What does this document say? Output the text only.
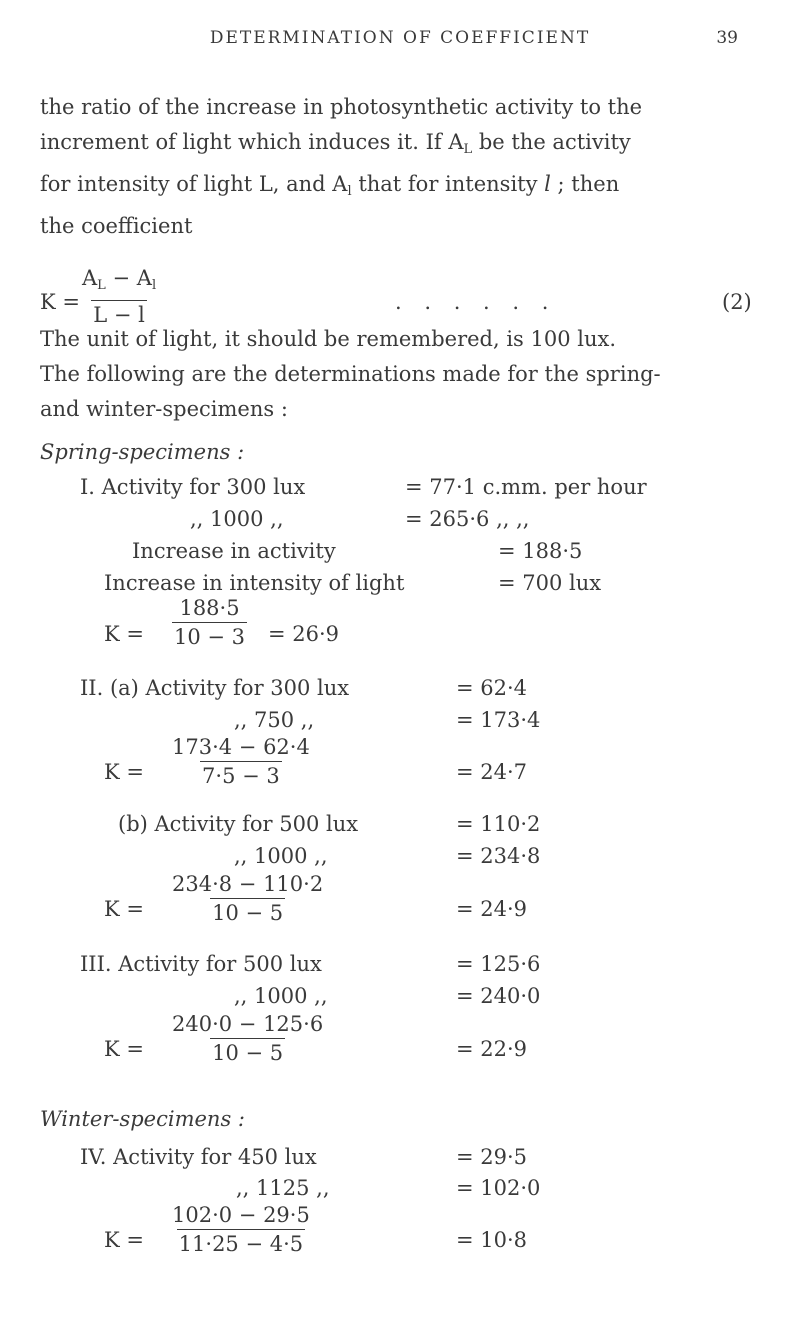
DETERMINATION OF COEFFICIENT	39
the ratio of the increase in photosynthetic activity to the
increment of light which induces it. If $A_L$ be the activity
for intensity of light L, and $A_l$ that for intensity l ; then
the coefficient
$K = \frac{A_L - A_l}{L - l}$	. . . . . .	(2)
The unit of light, it should be remembered, is 100 lux.
The following are the determinations made for the spring-
and winter-specimens :
Spring-specimens :
I. Activity for 300 lux	= 77·1 c.mm. per hour
,, 1000 ,,	= 265·6 ,, ,,
Increase in activity	= 188·5
Increase in intensity of light	= 700 lux
$K = \frac{188\cdot 5}{10 - 3} = 26\cdot 9$
II. (a) Activity for 300 lux	= 62·4
,, 750 ,,	= 173·4
$K = \frac{173\cdot 4 - 62\cdot 4}{7\cdot 5 - 3}$	= 24·7
(b) Activity for 500 lux	= 110·2
,, 1000 ,,	= 234·8
$K = \frac{234\cdot 8 - 110\cdot 2}{10 - 5}$	= 24·9
III. Activity for 500 lux	= 125·6
,, 1000 ,,	= 240·0
$K = \frac{240\cdot 0 - 125\cdot 6}{10 - 5}$	= 22·9
Winter-specimens :
IV. Activity for 450 lux	= 29·5
,, 1125 ,,	= 102·0
$K = \frac{102\cdot 0 - 29\cdot 5}{11\cdot 25 - 4\cdot 5}$	= 10·8
